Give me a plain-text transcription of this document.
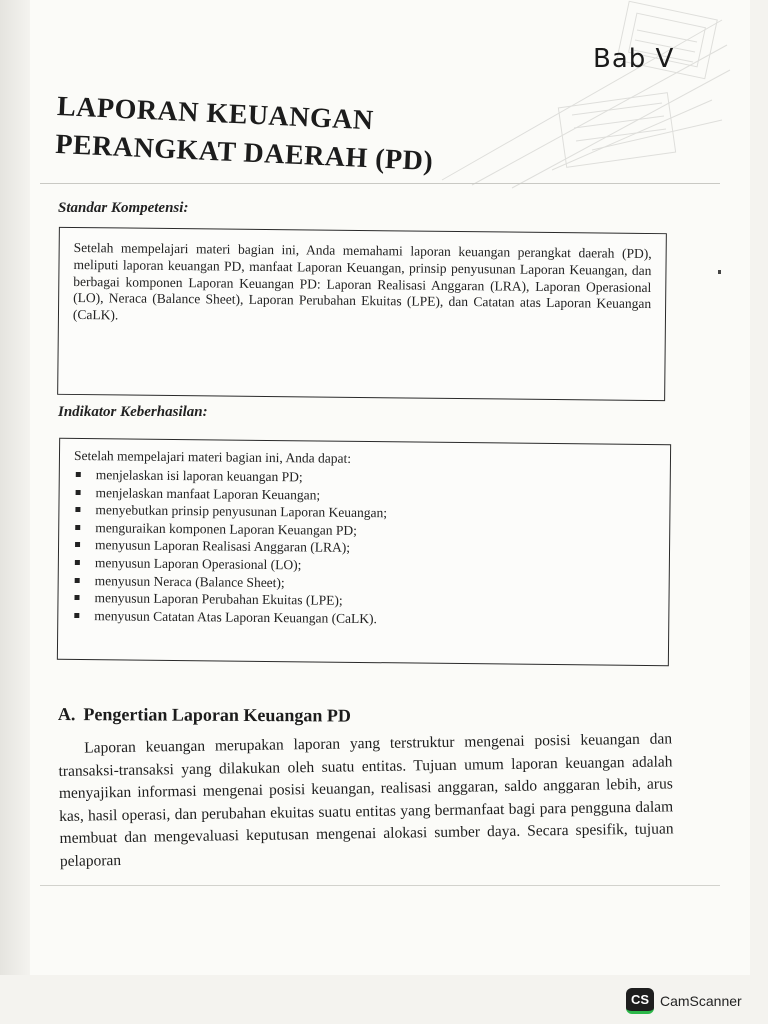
Bab V
LAPORAN KEUANGAN
PERANGKAT DAERAH (PD)

Standar Kompetensi:

Setelah mempelajari materi bagian ini, Anda memahami laporan keuangan perangkat daerah (PD), meliputi laporan keuangan PD, manfaat Laporan Keuangan, prinsip penyusunan Laporan Keuangan, dan berbagai komponen Laporan Keuangan PD: Laporan Realisasi Anggaran (LRA), Laporan Operasional (LO), Neraca (Balance Sheet), Laporan Perubahan Ekuitas (LPE), dan Catatan atas Laporan Keuangan (CaLK).

Indikator Keberhasilan:

Setelah mempelajari materi bagian ini, Anda dapat:

menjelaskan isi laporan keuangan PD;
menjelaskan manfaat Laporan Keuangan;
menyebutkan prinsip penyusunan Laporan Keuangan;
menguraikan komponen Laporan Keuangan PD;
menyusun Laporan Realisasi Anggaran (LRA);
menyusun Laporan Operasional (LO);
menyusun Neraca (Balance Sheet);
menyusun Laporan Perubahan Ekuitas (LPE);
menyusun Catatan Atas Laporan Keuangan (CaLK).
A. Pengertian Laporan Keuangan PD

Laporan keuangan merupakan laporan yang terstruktur mengenai posisi keuangan dan transaksi-transaksi yang dilakukan oleh suatu entitas. Tujuan umum laporan keuangan adalah menyajikan informasi mengenai posisi keuangan, realisasi anggaran, saldo anggaran lebih, arus kas, hasil operasi, dan perubahan ekuitas suatu entitas yang bermanfaat bagi para pengguna dalam membuat dan mengevaluasi keputusan mengenai alokasi sumber daya. Secara spesifik, tujuan pelaporan

CS CamScanner
